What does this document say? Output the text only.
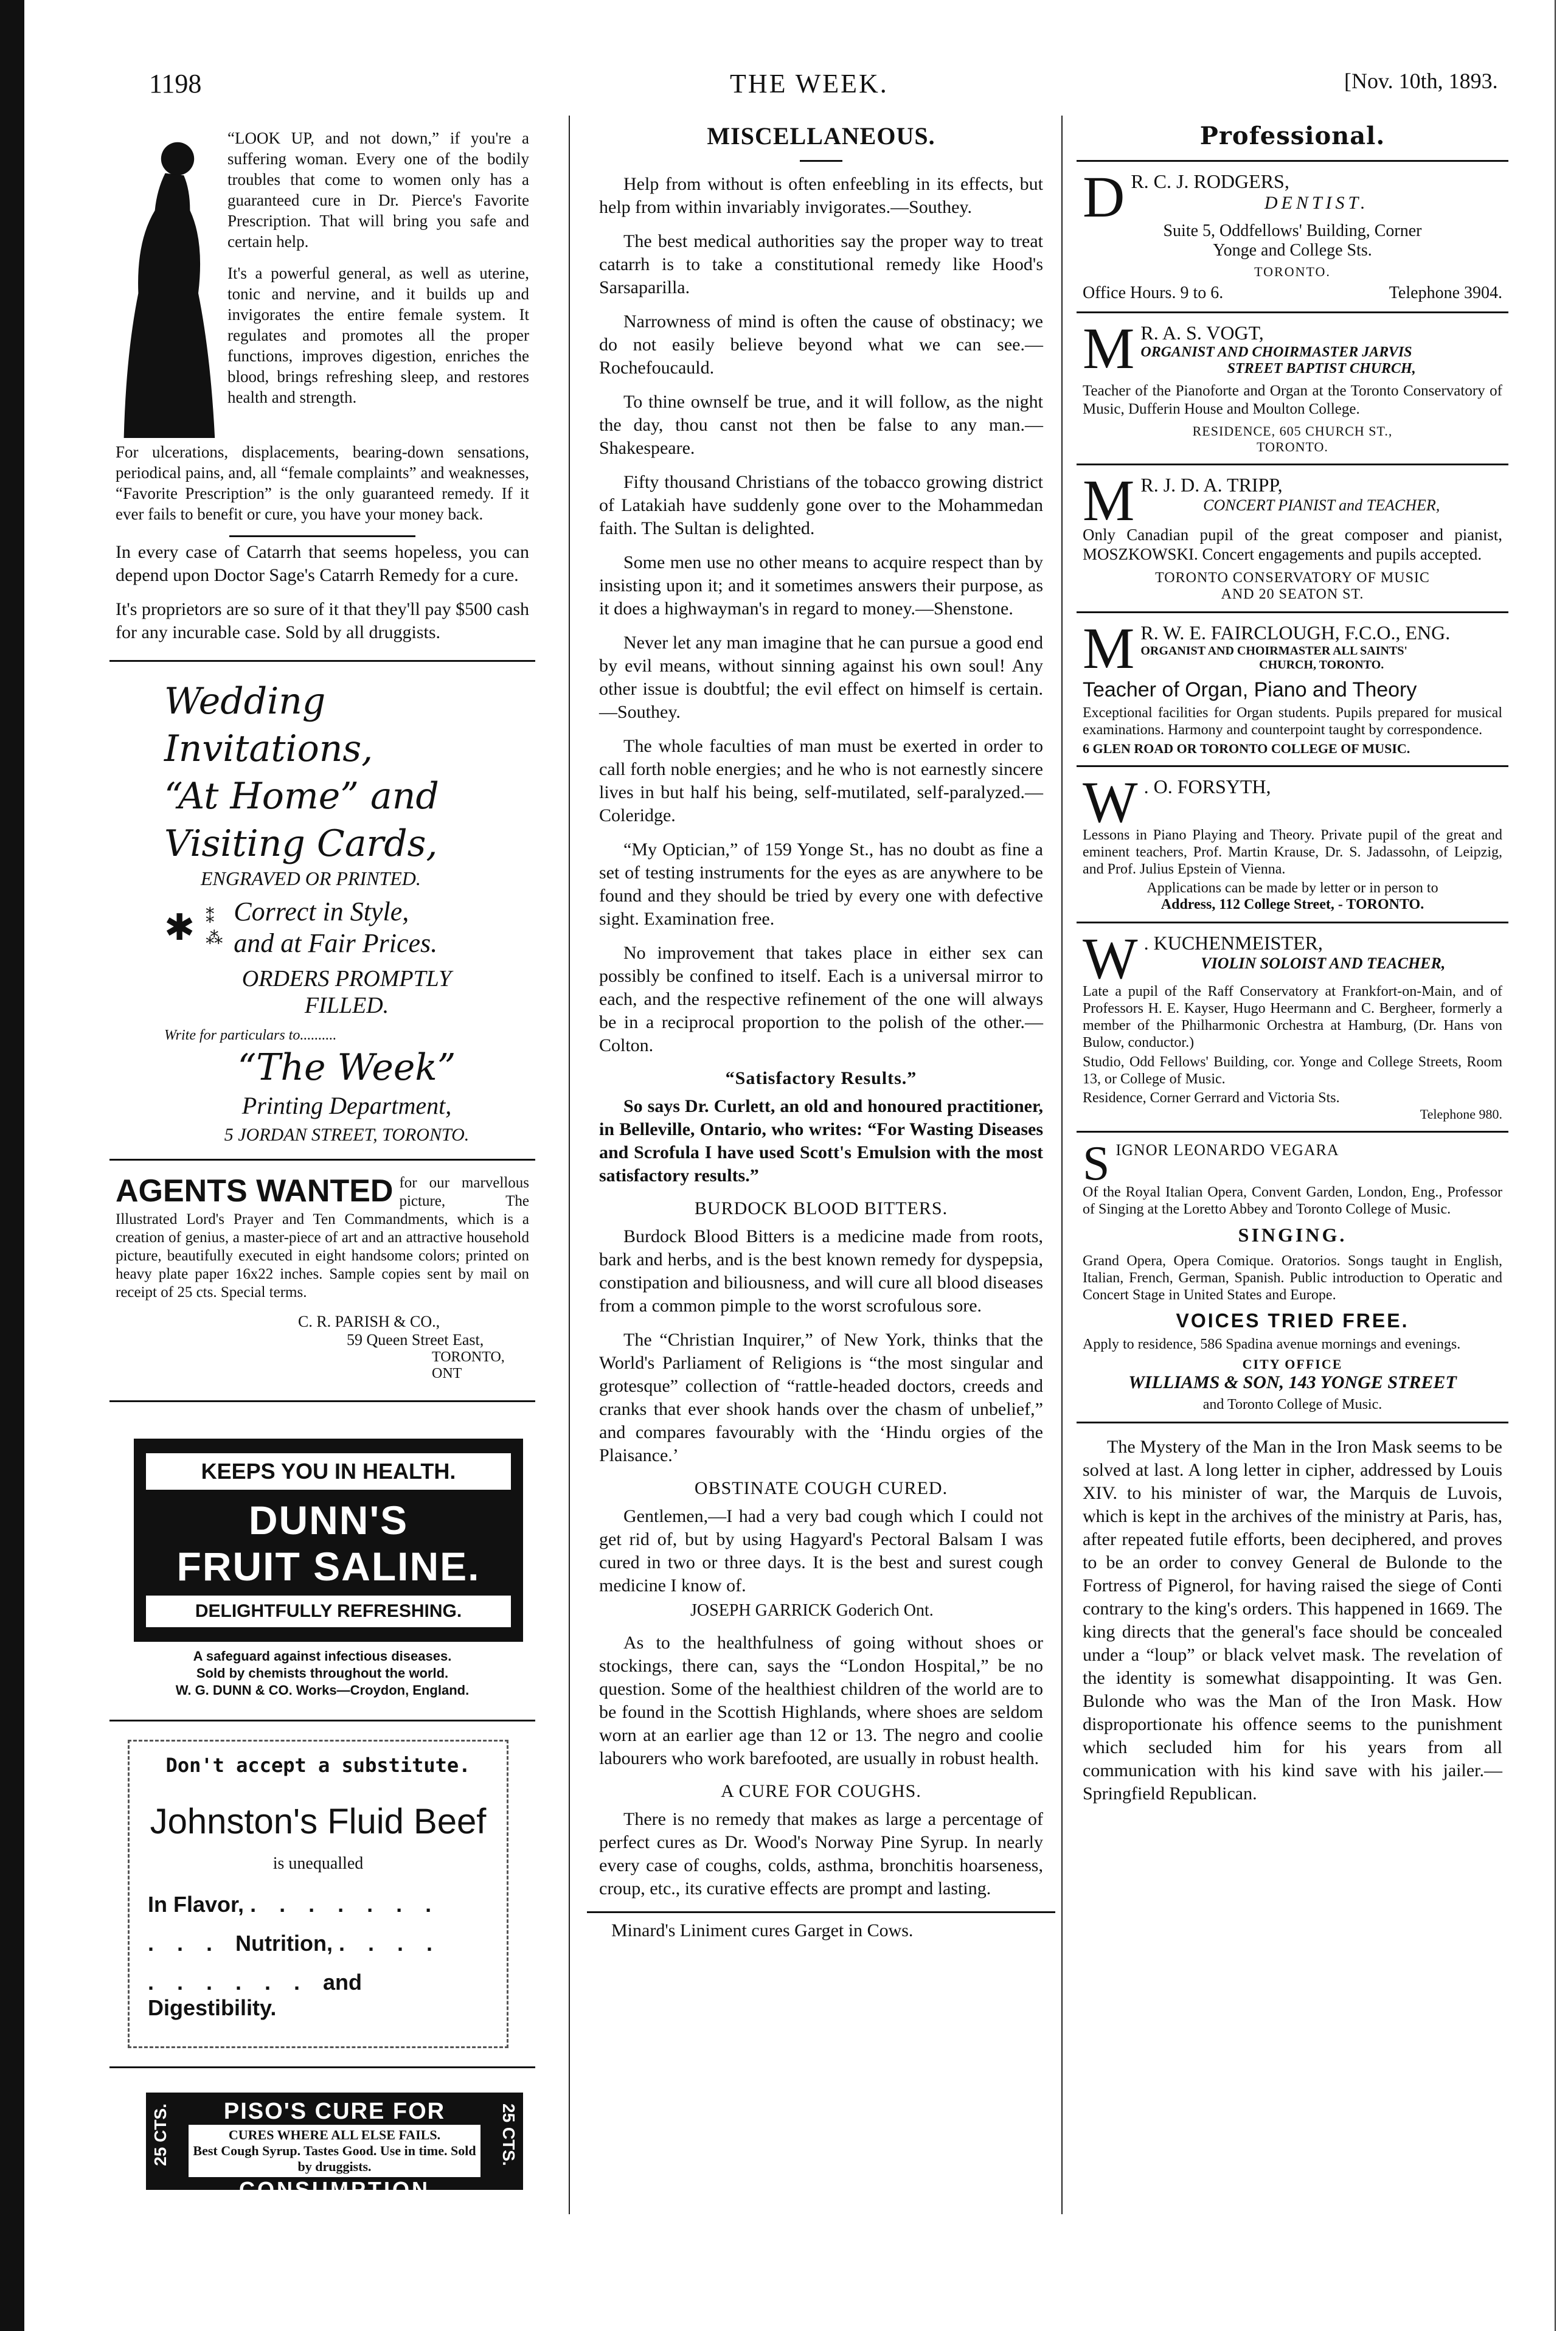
1198	THE WEEK.	[Nov. 10th, 1893.

“LOOK UP, and not down,” if you're a suffering woman. Every one of the bodily troubles that come to women only has a guaranteed cure in Dr. Pierce's Favorite Prescription. That will bring you safe and certain help.

It's a powerful general, as well as uterine, tonic and nervine, and it builds up and invigorates the entire female system. It regulates and promotes all the proper functions, improves digestion, enriches the blood, brings refreshing sleep, and restores health and strength.

For ulcerations, displacements, bearing-down sensations, periodical pains, and, all “female complaints” and weaknesses, “Favorite Prescription” is the only guaranteed remedy. If it ever fails to benefit or cure, you have your money back.

In every case of Catarrh that seems hopeless, you can depend upon Doctor Sage's Catarrh Remedy for a cure.

It's proprietors are so sure of it that they'll pay $500 cash for any incurable case. Sold by all druggists.

Wedding
Invitations,
“At Home” and
Visiting Cards,
ENGRAVED OR PRINTED.
✱ ⁑
⁂
Correct in Style,
and at Fair Prices.
ORDERS PROMPTLY
FILLED.
Write for particulars to..........
“The Week”
Printing Department,
5 JORDAN STREET, TORONTO.

AGENTS WANTED for our marvellous picture, The Illustrated Lord's Prayer and Ten Commandments, which is a creation of genius, a master-piece of art and an attractive household picture, beautifully executed in eight handsome colors; printed on heavy plate paper 16x22 inches. Sample copies sent by mail on receipt of 25 cts. Special terms.

C. R. PARISH & CO.,
59 Queen Street East,
TORONTO, ONT
KEEPS YOU IN HEALTH.
DUNN'S
FRUIT SALINE.
DELIGHTFULLY REFRESHING.
A safeguard against infectious diseases.
Sold by chemists throughout the world.
W. G. DUNN & CO. Works—Croydon, England.
Don't accept a substitute.
Johnston's Fluid Beef
is unequalled
In Flavor, . . . . . . .
. . . Nutrition, . . . .
. . . . . . and Digestibility.
25 CTS.	25 CTS.
PISO'S CURE FOR
CURES WHERE ALL ELSE FAILS.
Best Cough Syrup. Tastes Good. Use in time. Sold by druggists.
CONSUMPTION
MISCELLANEOUS.

Help from without is often enfeebling in its effects, but help from within invariably invigorates.—Southey.

The best medical authorities say the proper way to treat catarrh is to take a constitutional remedy like Hood's Sarsaparilla.

Narrowness of mind is often the cause of obstinacy; we do not easily believe beyond what we can see.—Rochefoucauld.

To thine ownself be true, and it will follow, as the night the day, thou canst not then be false to any man.—Shakespeare.

Fifty thousand Christians of the tobacco growing district of Latakiah have suddenly gone over to the Mohammedan faith. The Sultan is delighted.

Some men use no other means to acquire respect than by insisting upon it; and it sometimes answers their purpose, as it does a highwayman's in regard to money.—Shenstone.

Never let any man imagine that he can pursue a good end by evil means, without sinning against his own soul! Any other issue is doubtful; the evil effect on himself is certain.—Southey.

The whole faculties of man must be exerted in order to call forth noble energies; and he who is not earnestly sincere lives in but half his being, self-mutilated, self-paralyzed.—Coleridge.

“My Optician,” of 159 Yonge St., has no doubt as fine a set of testing instruments for the eyes as are anywhere to be found and they should be tried by every one with defective sight. Examination free.

No improvement that takes place in either sex can possibly be confined to itself. Each is a universal mirror to each, and the respective refinement of the one will always be in a reciprocal proportion to the polish of the other.—Colton.

“Satisfactory Results.”

So says Dr. Curlett, an old and honoured practitioner, in Belleville, Ontario, who writes: “For Wasting Diseases and Scrofula I have used Scott's Emulsion with the most satisfactory results.”

BURDOCK BLOOD BITTERS.

Burdock Blood Bitters is a medicine made from roots, bark and herbs, and is the best known remedy for dyspepsia, constipation and biliousness, and will cure all blood diseases from a common pimple to the worst scrofulous sore.

The “Christian Inquirer,” of New York, thinks that the World's Parliament of Religions is “the most singular and grotesque” collection of “rattle-headed doctors, creeds and cranks that ever shook hands over the chasm of unbelief,” and compares favourably with the ‘Hindu orgies of the Plaisance.’

OBSTINATE COUGH CURED.

Gentlemen,—I had a very bad cough which I could not get rid of, but by using Hagyard's Pectoral Balsam I was cured in two or three days. It is the best and surest cough medicine I know of.

JOSEPH GARRICK Goderich Ont.

As to the healthfulness of going without shoes or stockings, there can, says the “London Hospital,” be no question. Some of the healthiest children of the world are to be found in the Scottish Highlands, where shoes are seldom worn at an earlier age than 12 or 13. The negro and coolie labourers who work barefooted, are usually in robust health.

A CURE FOR COUGHS.

There is no remedy that makes as large a percentage of perfect cures as Dr. Wood's Norway Pine Syrup. In nearly every case of coughs, colds, asthma, bronchitis hoarseness, croup, etc., its curative effects are prompt and lasting.

Minard's Liniment cures Garget in Cows.
Professional.
D R. C. J. RODGERS,
DENTIST.
Suite 5, Oddfellows' Building, Corner
Yonge and College Sts.
TORONTO.
Office Hours. 9 to 6.	Telephone 3904.
M R. A. S. VOGT,
ORGANIST AND CHOIRMASTER JARVIS
STREET BAPTIST CHURCH,

Teacher of the Pianoforte and Organ at the Toronto Conservatory of Music, Dufferin House and Moulton College.

RESIDENCE, 605 CHURCH ST.,
TORONTO.
M R. J. D. A. TRIPP,
CONCERT PIANIST and TEACHER,

Only Canadian pupil of the great composer and pianist, MOSZKOWSKI. Concert engagements and pupils accepted.

TORONTO CONSERVATORY OF MUSIC
AND 20 SEATON ST.
M R. W. E. FAIRCLOUGH, F.C.O., ENG.
ORGANIST AND CHOIRMASTER ALL SAINTS'
CHURCH, TORONTO.
Teacher of Organ, Piano and Theory

Exceptional facilities for Organ students. Pupils prepared for musical examinations. Harmony and counterpoint taught by correspondence.

6 GLEN ROAD OR TORONTO COLLEGE OF MUSIC.
W . O. FORSYTH,

Lessons in Piano Playing and Theory. Private pupil of the great and eminent teachers, Prof. Martin Krause, Dr. S. Jadassohn, of Leipzig, and Prof. Julius Epstein of Vienna.

Applications can be made by letter or in person to
Address, 112 College Street, - TORONTO.
W . KUCHENMEISTER,
VIOLIN SOLOIST AND TEACHER,

Late a pupil of the Raff Conservatory at Frankfort-on-Main, and of Professors H. E. Kayser, Hugo Heermann and C. Bergheer, formerly a member of the Philharmonic Orchestra at Hamburg, (Dr. Hans von Bulow, conductor.)

Studio, Odd Fellows' Building, cor. Yonge and College Streets, Room 13, or College of Music.

Residence, Corner Gerrard and Victoria Sts.
Telephone 980.
S IGNOR LEONARDO VEGARA

Of the Royal Italian Opera, Convent Garden, London, Eng., Professor of Singing at the Loretto Abbey and Toronto College of Music.

SINGING.

Grand Opera, Opera Comique. Oratorios. Songs taught in English, Italian, French, German, Spanish. Public introduction to Operatic and Concert Stage in United States and Europe.

VOICES TRIED FREE.

Apply to residence, 586 Spadina avenue mornings and evenings.

CITY OFFICE
WILLIAMS & SON, 143 YONGE STREET
and Toronto College of Music.

The Mystery of the Man in the Iron Mask seems to be solved at last. A long letter in cipher, addressed by Louis XIV. to his minister of war, the Marquis de Luvois, which is kept in the archives of the ministry at Paris, has, after repeated futile efforts, been deciphered, and proves to be an order to convey General de Bulonde to the Fortress of Pignerol, for having raised the siege of Conti contrary to the king's orders. This happened in 1669. The king directs that the general's face should be concealed under a “loup” or black velvet mask. The revelation of the identity is somewhat disappointing. It was Gen. Bulonde who was the Man of the Iron Mask. How disproportionate his offence seems to the punishment which secluded him for his years from all communication with his kind save with his jailer.—Springfield Republican.
